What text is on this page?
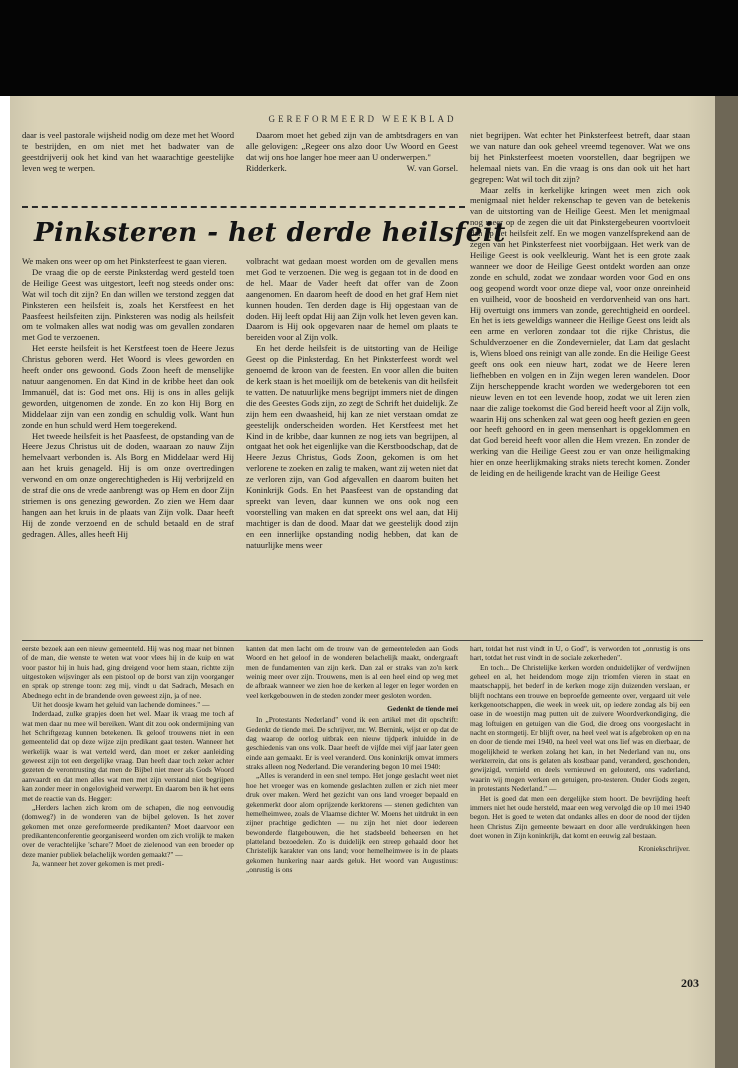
GEREFORMEERD WEEKBLAD

daar is veel pastorale wijsheid nodig om deze met het Woord te bestrijden, en om niet met het badwater van de geestdrijverij ook het kind van het waarachtige geestelijke leven weg te werpen.

Daarom moet het gebed zijn van de ambtsdragers en van alle gelovigen: „Regeer ons alzo door Uw Woord en Geest dat wij ons hoe langer hoe meer aan U onderwerpen."

Ridderkerk.	W. van Gorsel.
Pinksteren - het derde heilsfeit

We maken ons weer op om het Pinksterfeest te gaan vieren.

De vraag die op de eerste Pinksterdag werd gesteld toen de Heilige Geest was uitgestort, leeft nog steeds onder ons: Wat wil toch dit zijn? En dan willen we terstond zeggen dat Pinksteren een heilsfeit is, zoals het Kerstfeest en het Paasfeest heilsfeiten zijn. Pinksteren was nodig als heilsfeit om te volmaken alles wat nodig was om gevallen zondaren met God te verzoenen.

Het eerste heilsfeit is het Kerstfeest toen de Heere Jezus Christus geboren werd. Het Woord is vlees geworden en heeft onder ons gewoond. Gods Zoon heeft de menselijke natuur aangenomen. En dat Kind in de kribbe heet dan ook Immanuël, dat is: God met ons. Hij is ons in alles gelijk geworden, uitgenomen de zonde. En zo kon Hij Borg en Middelaar zijn van een zondig en schuldig volk. Want hun zonde en hun schuld werd Hem toegerekend.

Het tweede heilsfeit is het Paasfeest, de opstanding van de Heere Jezus Christus uit de doden, waaraan zo nauw Zijn hemelvaart verbonden is. Als Borg en Middelaar werd Hij aan het kruis genageld. Hij is om onze overtredingen verwond en om onze ongerechtigheden is Hij verbrijzeld en de straf die ons de vrede aanbrengt was op Hem en door Zijn striemen is ons genezing geworden. Zo zien we Hem daar hangen aan het kruis in de plaats van Zijn volk. Daar heeft Hij de zonde verzoend en de schuld betaald en de straf gedragen. Alles, alles heeft Hij

volbracht wat gedaan moest worden om de gevallen mens met God te verzoenen. Die weg is gegaan tot in de dood en de hel. Maar de Vader heeft dat offer van de Zoon aangenomen. En daarom heeft de dood en het graf Hem niet kunnen houden. Ten derden dage is Hij opgestaan van de doden. Hij leeft opdat Hij aan Zijn volk het leven geven kan. Daarom is Hij ook opgevaren naar de hemel om plaats te bereiden voor al Zijn volk.

En het derde heilsfeit is de uitstorting van de Heilige Geest op die Pinksterdag. En het Pinksterfeest wordt wel genoemd de kroon van de feesten. En voor allen die buiten de kerk staan is het moeilijk om de betekenis van dit heilsfeit te vatten. De natuurlijke mens begrijpt immers niet de dingen die des Geestes Gods zijn, zo zegt de Schrift het duidelijk. Ze zijn hem een dwaasheid, hij kan ze niet verstaan omdat ze geestelijk onderscheiden worden. Het Kerstfeest met het Kind in de kribbe, daar kunnen ze nog iets van begrijpen, al ontgaat het ook het eigenlijke van die Kerstboodschap, dat de Heere Jezus Christus, Gods Zoon, gekomen is om het verlorene te zoeken en zalig te maken, want zij weten niet dat ze verloren zijn, van God afgevallen en daarom buiten het Koninkrijk Gods. En het Paasfeest van de opstanding dat spreekt van leven, daar kunnen we ons ook nog een voorstelling van maken en dat spreekt ons wel aan, dat Hij machtiger is dan de dood. Maar dat we geestelijk dood zijn en een innerlijke opstanding nodig hebben, dat kan de natuurlijke mens weer

niet begrijpen. Wat echter het Pinksterfeest betreft, daar staan we van nature dan ook geheel vreemd tegenover. Wat we ons bij het Pinksterfeest moeten voorstellen, daar begrijpen we helemaal niets van. En die vraag is ons dan ook uit het hart gegrepen: Wat wil toch dit zijn?

Maar zelfs in kerkelijke kringen weet men zich ook menigmaal niet helder rekenschap te geven van de betekenis van de uitstorting van de Heilige Geest. Men let menigmaal nog meer op de zegen die uit dat Pinkstergebeuren voortvloeit dan op het heilsfeit zelf. En we mogen vanzelfsprekend aan de zegen van het Pinksterfeest niet voorbijgaan. Het werk van de Heilige Geest is ook veelkleurig. Want het is een grote zaak wanneer we door de Heilige Geest ontdekt worden aan onze zonde en schuld, zodat we zondaar worden voor God en ons oog geopend wordt voor onze diepe val, voor onze onreinheid en vuilheid, voor de boosheid en verdorvenheid van ons hart. Hij overtuigt ons immers van zonde, gerechtigheid en oordeel. En het is iets geweldigs wanneer die Heilige Geest ons leidt als een arme en verloren zondaar tot die rijke Christus, die Schuldverzoener en die Zondevernieler, dat Lam dat geslacht is, Wiens bloed ons reinigt van alle zonde. En die Heilige Geest geeft ons ook een nieuw hart, zodat we de Heere leren liefhebben en volgen en in Zijn wegen leren wandelen. Door Zijn herscheppende kracht worden we wedergeboren tot een nieuw leven en tot een levende hoop, zodat we uit leren zien naar die zalige toekomst die God bereid heeft voor al Zijn volk, waarin Hij ons schenken zal wat geen oog heeft gezien en geen oor heeft gehoord en in geen mensenhart is opgeklommen en dat God bereid heeft voor allen die Hem vrezen. En zonder de werking van die Heilige Geest zou er van onze heiligmaking hier en onze heerlijkmaking straks niets terecht komen. Zonder de leiding en de heiligende kracht van de Heilige Geest

eerste bezoek aan een nieuw gemeenteld. Hij was nog maar net binnen of de man, die wenste te weten wat voor vlees hij in de kuip en wat voor pastor hij in huis had, ging dreigend voor hem staan, richtte zijn uitgestoken wijsvinger als een pistool op de borst van zijn voorganger en sprak op strenge toon: zeg mij, vindt u dat Sadrach, Mesach en Abednego echt in de brandende oven geweest zijn, ja of nee.

Uit het doosje kwam het geluid van lachende dominees." —

Inderdaad, zulke grapjes doen het wel. Maar ik vraag me toch af wat men daar nu mee wil bereiken. Want dit zou ook ondermijning van het Schriftgezag kunnen betekenen. Ik geloof trouwens niet in een gemeentelid dat op deze wijze zijn predikant gaat testen. Wanneer het werkelijk waar is wat verteld werd, dan moet er zeker aanleiding geweest zijn tot een dergelijke vraag. Dan heeft daar toch zeker achter gezeten de verontrusting dat men de Bijbel niet meer als Gods Woord aanvaardt en dat men alles wat men met zijn verstand niet begrijpen kan zonder meer in ongelovigheid verwerpt. En daarom ben ik het eens met de reactie van ds. Hegger:

„Herders lachen zich krom om de schapen, die nog eenvoudig (domweg?) in de wonderen van de bijbel geloven. Is het zover gekomen met onze gereformeerde predikanten? Moet daarvoor een predikantenconferentie georganiseerd worden om zich vrolijk te maken over de verachtelijke 'schare'? Moet de zielenood van een broeder op deze manier publiek belachelijk worden gemaakt?" —

Ja, wanneer het zover gekomen is met predi-

kanten dat men lacht om de trouw van de gemeenteleden aan Gods Woord en het geloof in de wonderen belachelijk maakt, ondergraaft men de fundamenten van zijn kerk. Dan zal er straks van zo'n kerk weinig meer over zijn. Trouwens, men is al een heel eind op weg met de afbraak wanneer we zien hoe de kerken al leger en leger worden en veel kerkgebouwen in de steden zonder meer gesloten worden.

Gedenkt de tiende mei

In „Protestants Nederland" vond ik een artikel met dit opschrift: Gedenkt de tiende mei. De schrijver, mr. W. Bernink, wijst er op dat de dag waarop de oorlog uitbrak een nieuw tijdperk inluidde in de geschiedenis van ons volk. Daar heeft de vijfde mei vijf jaar later geen einde aan gemaakt. Er is veel veranderd. Ons koninkrijk omvat immers straks alleen nog Nederland. Die verandering begon 10 mei 1940:

„Alles is veranderd in een snel tempo. Het jonge geslacht weet niet hoe het vroeger was en komende geslachten zullen er zich niet meer druk over maken. Werd het gezicht van ons land vroeger bepaald en gekenmerkt door alom oprijzende kerktorens — stenen gedichten van hemelheimwee, zoals de Vlaamse dichter W. Moens het uitdrukt in een zijner prachtige gedichten — nu zijn het niet door iedereen bewonderde flatgebouwen, die het stadsbeeld beheersen en het platteland bezoedelen. Zo is duidelijk een streep gehaald door het Christelijk karakter van ons land; voor hemelheimwee is in de plaats gekomen hunkering naar aards geluk. Het woord van Augustinus: „onrustig is ons

hart, totdat het rust vindt in U, o God", is verworden tot „onrustig is ons hart, totdat het rust vindt in de sociale zekerheden".

En toch... De Christelijke kerken worden onduidelijker of verdwijnen geheel en al, het heidendom moge zijn triomfen vieren in staat en maatschappij, het bederf in de kerken moge zijn duizenden verslaan, er blijft nochtans een trouwe en beproefde gemeente over, vergaard uit vele kerkgenootschappen, die week in week uit, op iedere zondag als bij een oase in de woestijn mag putten uit de zuivere Woordverkondiging, die mag loftuigen en getuigen van die God, die droeg ons voorgeslacht in nacht en stormgetij. Er blijft over, na heel veel wat is afgebroken op en na en door de tiende mei 1940, na heel veel wat ons lief was en dierbaar, de mogelijkheid te werken zolang het kan, in het Nederland van nu, ons werkterrein, dat ons is gelaten als kostbaar pand, veranderd, geschonden, gewijzigd, vernield en deels vernieuwd en gelouterd, ons vaderland, waarin wij mogen werken en getuigen, pro-testeren. Onder Gods zegen, in protestants Nederland." —

Het is goed dat men een dergelijke stem hoort. De bevrijding heeft immers niet het oude hersteld, maar een weg vervolgd die op 10 mei 1940 begon. Het is goed te weten dat ondanks alles en door de nood der tijden heen Christus Zijn gemeente bewaart en door alle verdrukkingen heen doet wonen in Zijn koninkrijk, dat komt en eeuwig zal bestaan.

Kroniekschrijver.
203
